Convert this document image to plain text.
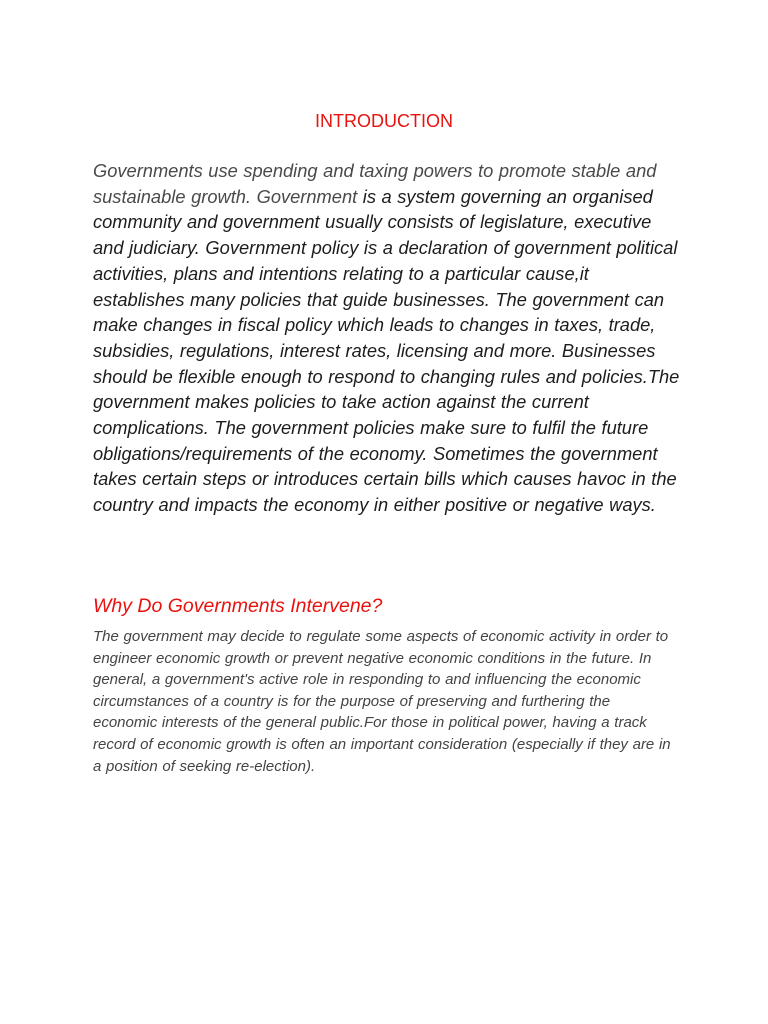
INTRODUCTION

Governments use spending and taxing powers to promote stable and sustainable growth. Government is a system governing an organised community and government usually consists of legislature, executive and judiciary. Government policy is a declaration of government political activities, plans and intentions relating to a particular cause,it establishes many policies that guide businesses. The government can make changes in fiscal policy which leads to changes in taxes, trade, subsidies, regulations, interest rates, licensing and more. Businesses should be flexible enough to respond to changing rules and policies.The government makes policies to take action against the current complications. The government policies make sure to fulfil the future obligations/requirements of the economy. Sometimes the government takes certain steps or introduces certain bills which causes havoc in the country and impacts the economy in either positive or negative ways.

Why Do Governments Intervene?

The government may decide to regulate some aspects of economic activity in order to engineer economic growth or prevent negative economic conditions in the future. In general, a government's active role in responding to and influencing the economic circumstances of a country is for the purpose of preserving and furthering the economic interests of the general public.For those in political power, having a track record of economic growth is often an important consideration (especially if they are in a position of seeking re-election).
